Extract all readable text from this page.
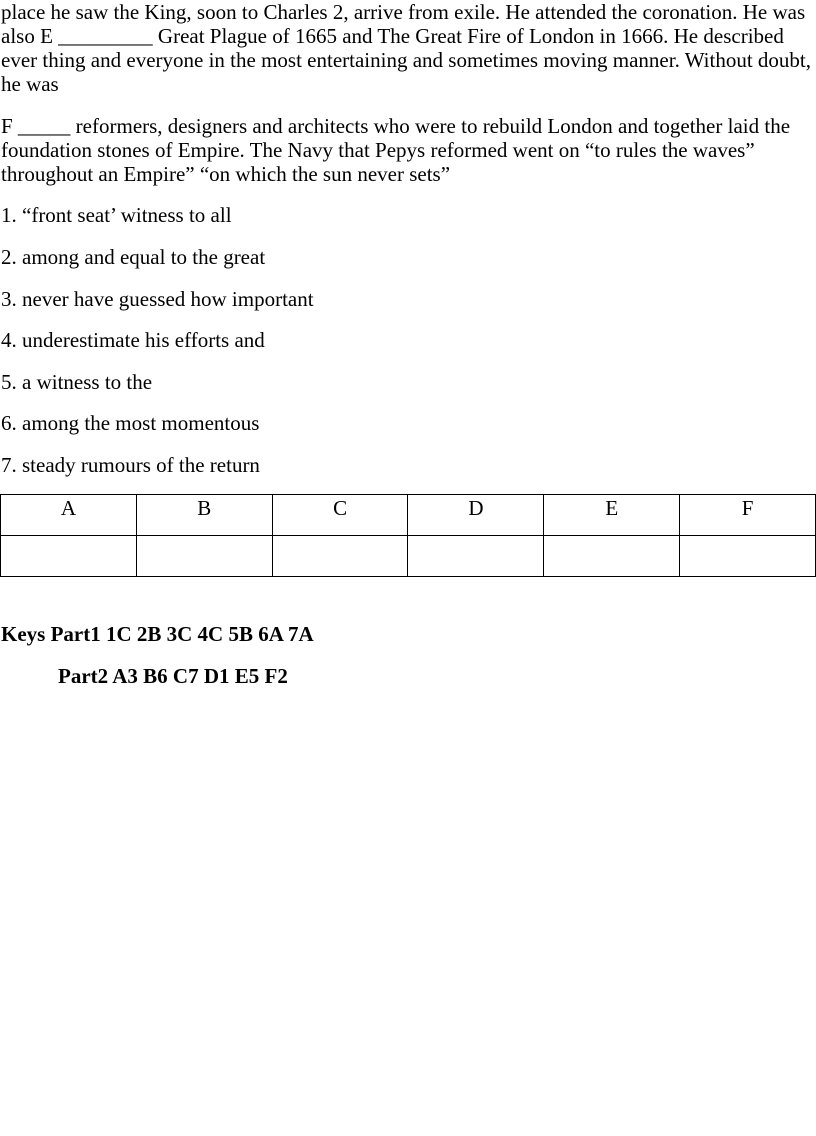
place he saw the King, soon to Charles 2, arrive from exile. He attended the coronation. He was also E _________ Great Plague of 1665 and The Great Fire of London in 1666. He described ever thing and everyone in the most entertaining and sometimes moving manner. Without doubt, he was

F _____ reformers, designers and architects who were to rebuild London and together laid the foundation stones of Empire. The Navy that Pepys reformed went on “to rules the waves” throughout an Empire” “on which the sun never sets”

1. “front seat’ witness to all
2. among and equal to the great
3. never have guessed how important
4. underestimate his efforts and
5. a witness to the
6. among the most momentous
7. steady rumours of the return
A	B	C	D	E	F

Keys Part1 1C 2B 3C 4C 5B 6A 7A
Part2 A3 B6 C7 D1 E5 F2
